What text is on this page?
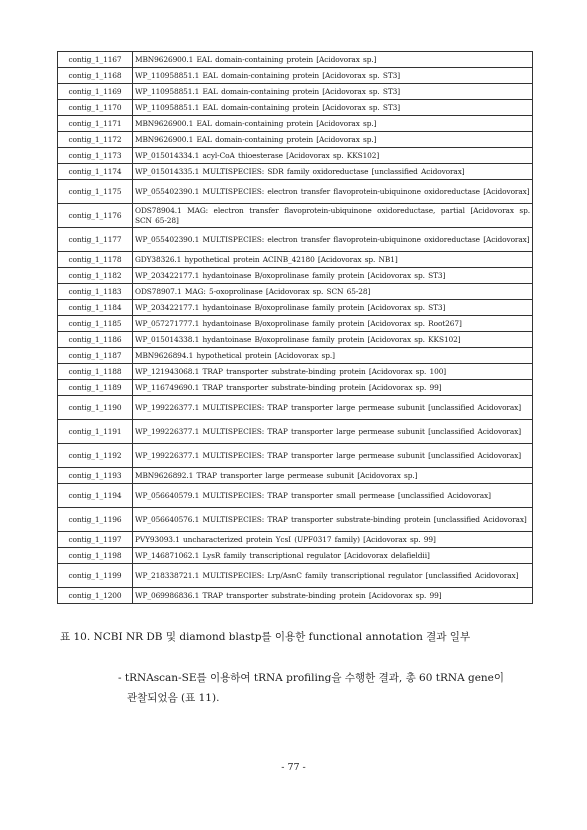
contig_1_1167	MBN9626900.1 EAL domain-containing protein [Acidovorax sp.]
contig_1_1168	WP_110958851.1 EAL domain-containing protein [Acidovorax sp. ST3]
contig_1_1169	WP_110958851.1 EAL domain-containing protein [Acidovorax sp. ST3]
contig_1_1170	WP_110958851.1 EAL domain-containing protein [Acidovorax sp. ST3]
contig_1_1171	MBN9626900.1 EAL domain-containing protein [Acidovorax sp.]
contig_1_1172	MBN9626900.1 EAL domain-containing protein [Acidovorax sp.]
contig_1_1173	WP_015014334.1 acyl-CoA thioesterase [Acidovorax sp. KKS102]
contig_1_1174	WP_015014335.1 MULTISPECIES: SDR family oxidoreductase [unclassified Acidovorax]
contig_1_1175	WP_055402390.1 MULTISPECIES: electron transfer flavoprotein-ubiquinone oxidoreductase [Acidovorax]
contig_1_1176	ODS78904.1 MAG: electron transfer flavoprotein-ubiquinone oxidoreductase, partial [Acidovorax sp. SCN 65-28]
contig_1_1177	WP_055402390.1 MULTISPECIES: electron transfer flavoprotein-ubiquinone oxidoreductase [Acidovorax]
contig_1_1178	GDY38326.1 hypothetical protein ACINB_42180 [Acidovorax sp. NB1]
contig_1_1182	WP_203422177.1 hydantoinase B/oxoprolinase family protein [Acidovorax sp. ST3]
contig_1_1183	ODS78907.1 MAG: 5-oxoprolinase [Acidovorax sp. SCN 65-28]
contig_1_1184	WP_203422177.1 hydantoinase B/oxoprolinase family protein [Acidovorax sp. ST3]
contig_1_1185	WP_057271777.1 hydantoinase B/oxoprolinase family protein [Acidovorax sp. Root267]
contig_1_1186	WP_015014338.1 hydantoinase B/oxoprolinase family protein [Acidovorax sp. KKS102]
contig_1_1187	MBN9626894.1 hypothetical protein [Acidovorax sp.]
contig_1_1188	WP_121943068.1 TRAP transporter substrate-binding protein [Acidovorax sp. 100]
contig_1_1189	WP_116749690.1 TRAP transporter substrate-binding protein [Acidovorax sp. 99]
contig_1_1190	WP_199226377.1 MULTISPECIES: TRAP transporter large permease subunit [unclassified Acidovorax]
contig_1_1191	WP_199226377.1 MULTISPECIES: TRAP transporter large permease subunit [unclassified Acidovorax]
contig_1_1192	WP_199226377.1 MULTISPECIES: TRAP transporter large permease subunit [unclassified Acidovorax]
contig_1_1193	MBN9626892.1 TRAP transporter large permease subunit [Acidovorax sp.]
contig_1_1194	WP_056640579.1 MULTISPECIES: TRAP transporter small permease [unclassified Acidovorax]
contig_1_1196	WP_056640576.1 MULTISPECIES: TRAP transporter substrate-binding protein [unclassified Acidovorax]
contig_1_1197	PVY93093.1 uncharacterized protein YcsI (UPF0317 family) [Acidovorax sp. 99]
contig_1_1198	WP_146871062.1 LysR family transcriptional regulator [Acidovorax delafieldii]
contig_1_1199	WP_218338721.1 MULTISPECIES: Lrp/AsnC family transcriptional regulator [unclassified Acidovorax]
contig_1_1200	WP_069986836.1 TRAP transporter substrate-binding protein [Acidovorax sp. 99]
표 10. NCBI NR DB 및 diamond blastp를 이용한 functional annotation 결과 일부
- tRNAscan-SE를 이용하여 tRNA profiling을 수행한 결과, 총 60 tRNA gene이
관찰되었음 (표 11).
- 77 -
